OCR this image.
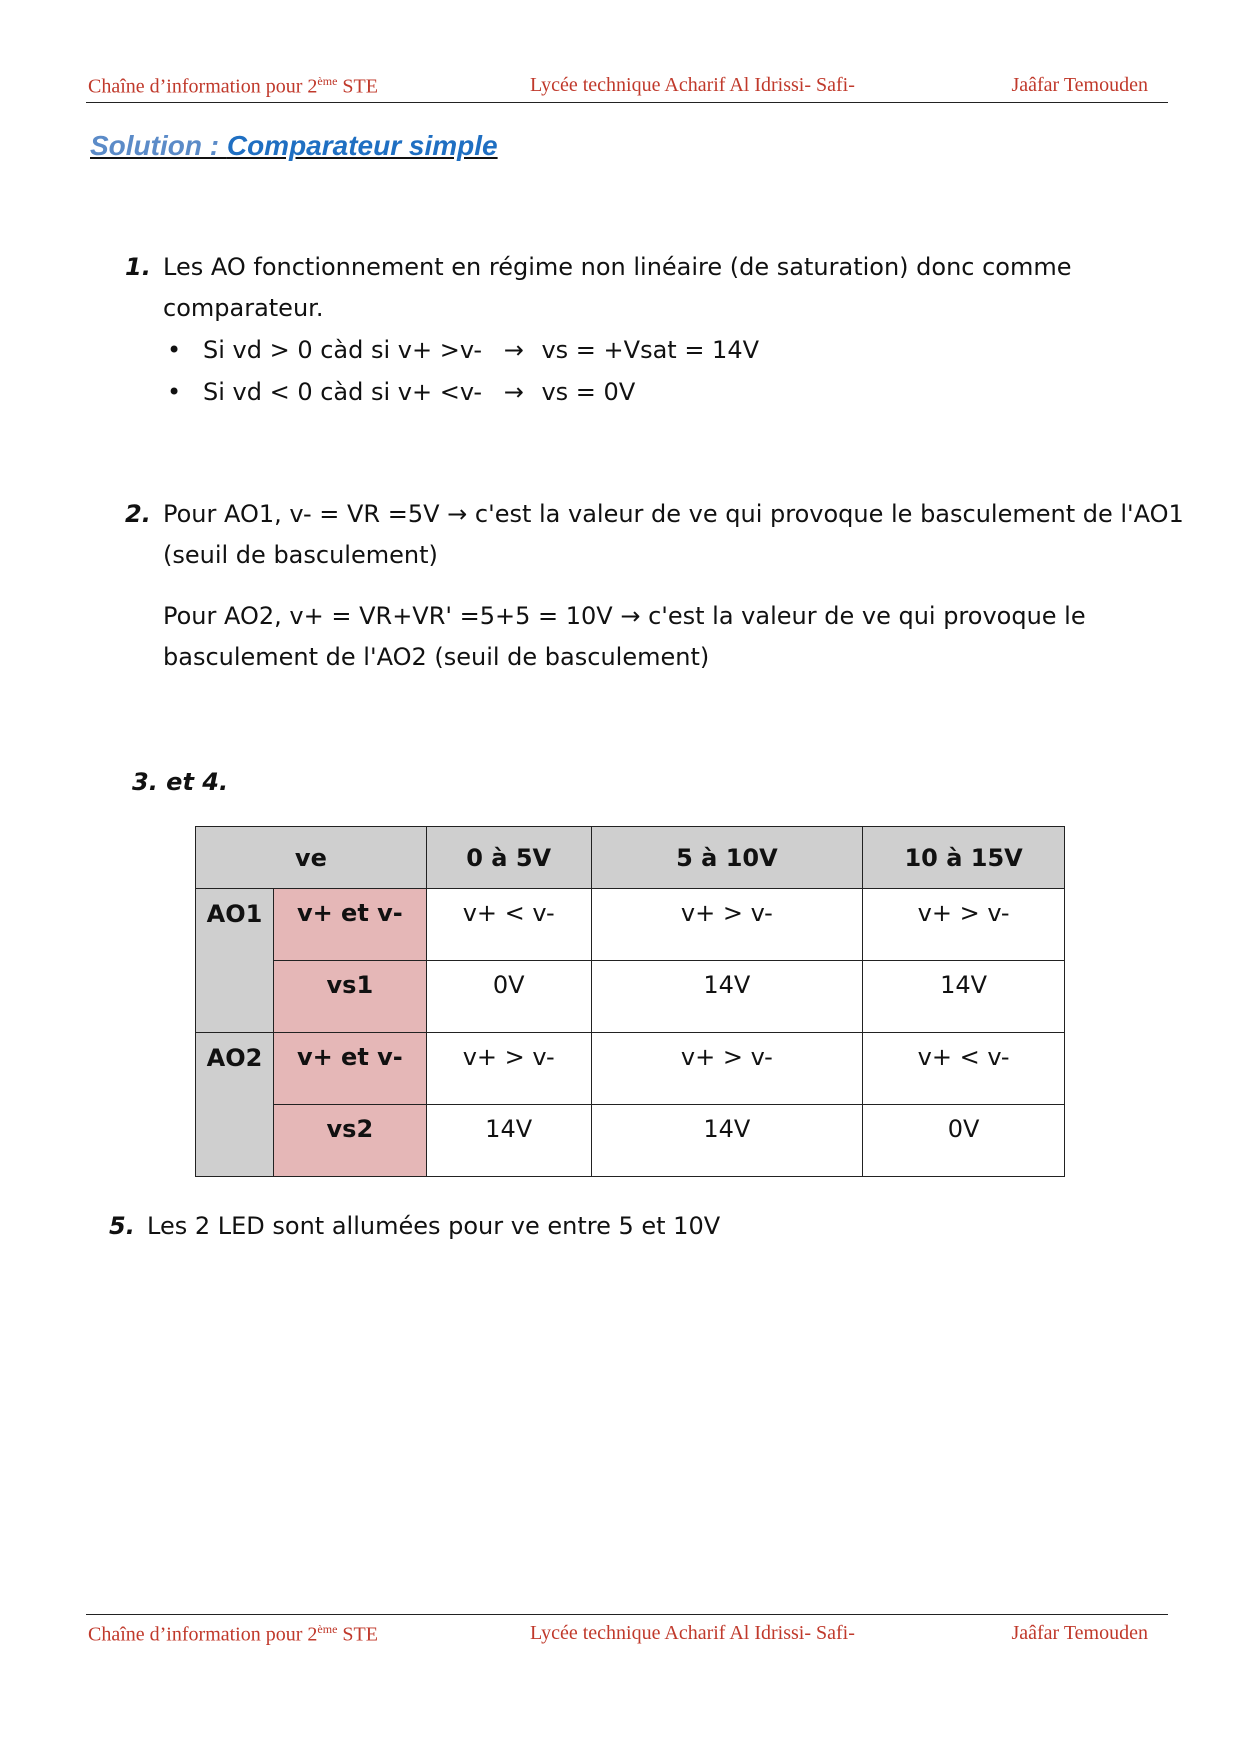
Chaîne d’information pour 2ème STE	Lycée technique Acharif Al Idrissi- Safi-	Jaâfar Temouden
Solution : Comparateur simple
1. Les AO fonctionnement en régime non linéaire (de saturation) donc comme
comparateur.
• Si vd > 0 càd si v+ >v- → vs = +Vsat = 14V
• Si vd < 0 càd si v+ <v- → vs = 0V
2. Pour AO1, v- = VR =5V → c'est la valeur de ve qui provoque le basculement de l'AO1
(seuil de basculement)
Pour AO2, v+ = VR+VR' =5+5 = 10V → c'est la valeur de ve qui provoque le
basculement de l'AO2 (seuil de basculement)
3. et 4.
ve		0 à 5V	5 à 10V	10 à 15V
AO1	v+ et v-	v+ < v-	v+ > v-	v+ > v-
	vs1	0V	14V	14V
AO2	v+ et v-	v+ > v-	v+ > v-	v+ < v-
	vs2	14V	14V	0V
5. Les 2 LED sont allumées pour ve entre 5 et 10V
Chaîne d’information pour 2ème STE	Lycée technique Acharif Al Idrissi- Safi-	Jaâfar Temouden
